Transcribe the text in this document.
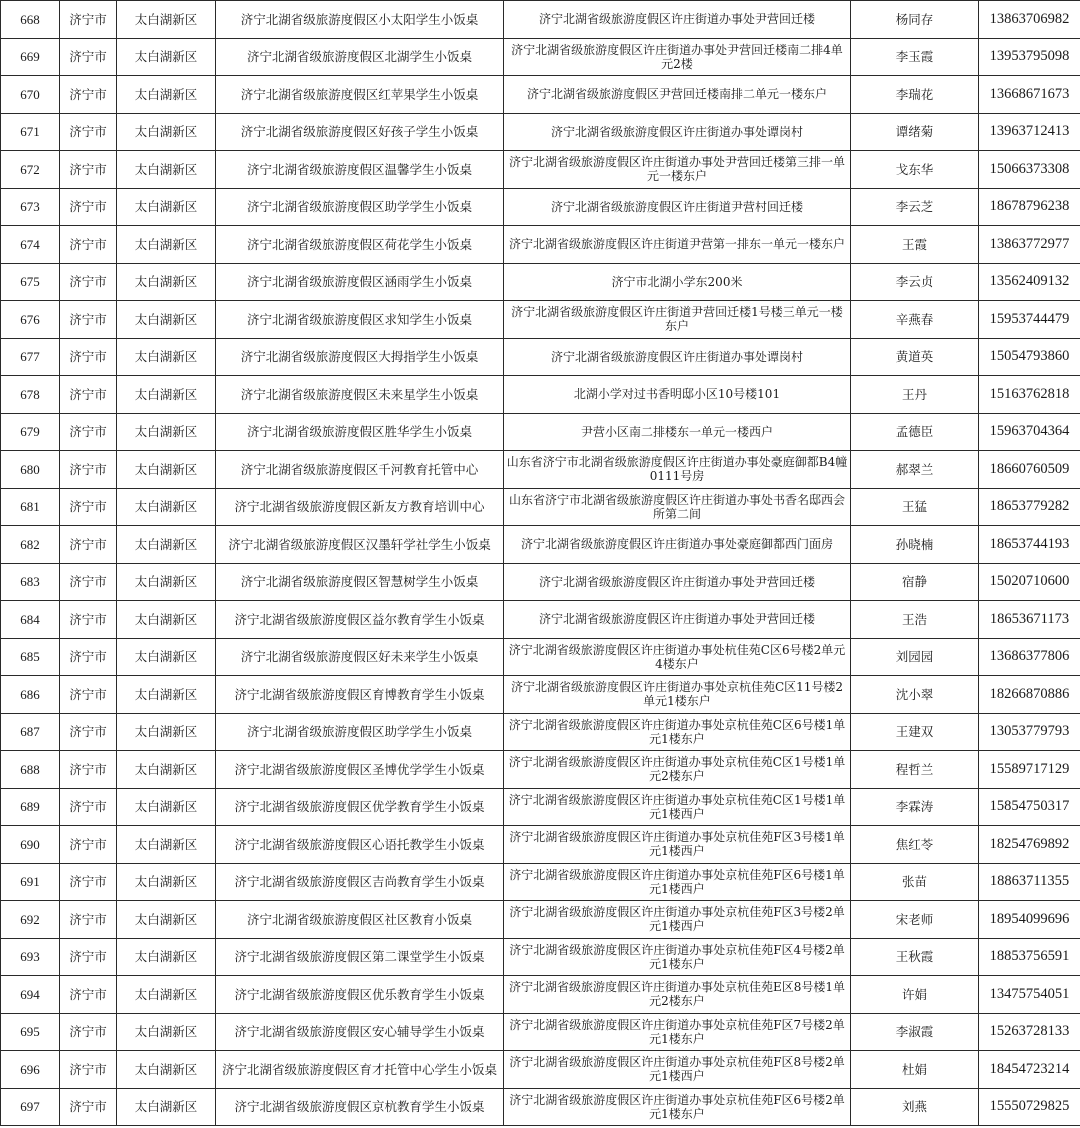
668	济宁市	太白湖新区	济宁北湖省级旅游度假区小太阳学生小饭桌	济宁北湖省级旅游度假区许庄街道办事处尹营回迁楼	杨同存	13863706982
669	济宁市	太白湖新区	济宁北湖省级旅游度假区北湖学生小饭桌	济宁北湖省级旅游度假区许庄街道办事处尹营回迁楼南二排4单元2楼	李玉霞	13953795098
670	济宁市	太白湖新区	济宁北湖省级旅游度假区红苹果学生小饭桌	济宁北湖省级旅游度假区尹营回迁楼南排二单元一楼东户	李瑞花	13668671673
671	济宁市	太白湖新区	济宁北湖省级旅游度假区好孩子学生小饭桌	济宁北湖省级旅游度假区许庄街道办事处谭岗村	谭绪菊	13963712413
672	济宁市	太白湖新区	济宁北湖省级旅游度假区温馨学生小饭桌	济宁北湖省级旅游度假区许庄街道办事处尹营回迁楼第三排一单元一楼东户	戈东华	15066373308
673	济宁市	太白湖新区	济宁北湖省级旅游度假区助学学生小饭桌	济宁北湖省级旅游度假区许庄街道尹营村回迁楼	李云芝	18678796238
674	济宁市	太白湖新区	济宁北湖省级旅游度假区荷花学生小饭桌	济宁北湖省级旅游度假区许庄街道尹营第一排东一单元一楼东户	王霞	13863772977
675	济宁市	太白湖新区	济宁北湖省级旅游度假区涵雨学生小饭桌	济宁市北湖小学东200米	李云贞	13562409132
676	济宁市	太白湖新区	济宁北湖省级旅游度假区求知学生小饭桌	济宁北湖省级旅游度假区许庄街道尹营回迁楼1号楼三单元一楼东户	辛燕春	15953744479
677	济宁市	太白湖新区	济宁北湖省级旅游度假区大拇指学生小饭桌	济宁北湖省级旅游度假区许庄街道办事处谭岗村	黄道英	15054793860
678	济宁市	太白湖新区	济宁北湖省级旅游度假区未来星学生小饭桌	北湖小学对过书香明邸小区10号楼101	王丹	15163762818
679	济宁市	太白湖新区	济宁北湖省级旅游度假区胜华学生小饭桌	尹营小区南二排楼东一单元一楼西户	孟德臣	15963704364
680	济宁市	太白湖新区	济宁北湖省级旅游度假区千河教育托管中心	山东省济宁市北湖省级旅游度假区许庄街道办事处豪庭御都B4幢0111号房	郝翠兰	18660760509
681	济宁市	太白湖新区	济宁北湖省级旅游度假区新友方教育培训中心	山东省济宁市北湖省级旅游度假区许庄街道办事处书香名邸西会所第二间	王猛	18653779282
682	济宁市	太白湖新区	济宁北湖省级旅游度假区汉墨轩学社学生小饭桌	济宁北湖省级旅游度假区许庄街道办事处豪庭御都西门面房	孙晓楠	18653744193
683	济宁市	太白湖新区	济宁北湖省级旅游度假区智慧树学生小饭桌	济宁北湖省级旅游度假区许庄街道办事处尹营回迁楼	宿静	15020710600
684	济宁市	太白湖新区	济宁北湖省级旅游度假区益尔教育学生小饭桌	济宁北湖省级旅游度假区许庄街道办事处尹营回迁楼	王浩	18653671173
685	济宁市	太白湖新区	济宁北湖省级旅游度假区好未来学生小饭桌	济宁北湖省级旅游度假区许庄街道办事处杭佳苑C区6号楼2单元4楼东户	刘园园	13686377806
686	济宁市	太白湖新区	济宁北湖省级旅游度假区育博教育学生小饭桌	济宁北湖省级旅游度假区许庄街道办事处京杭佳苑C区11号楼2单元1楼东户	沈小翠	18266870886
687	济宁市	太白湖新区	济宁北湖省级旅游度假区助学学生小饭桌	济宁北湖省级旅游度假区许庄街道办事处京杭佳苑C区6号楼1单元1楼东户	王建双	13053779793
688	济宁市	太白湖新区	济宁北湖省级旅游度假区圣博优学学生小饭桌	济宁北湖省级旅游度假区许庄街道办事处京杭佳苑C区1号楼1单元2楼东户	程哲兰	15589717129
689	济宁市	太白湖新区	济宁北湖省级旅游度假区优学教育学生小饭桌	济宁北湖省级旅游度假区许庄街道办事处京杭佳苑C区1号楼1单元1楼西户	李霖涛	15854750317
690	济宁市	太白湖新区	济宁北湖省级旅游度假区心语托教学生小饭桌	济宁北湖省级旅游度假区许庄街道办事处京杭佳苑F区3号楼1单元1楼西户	焦红苓	18254769892
691	济宁市	太白湖新区	济宁北湖省级旅游度假区吉尚教育学生小饭桌	济宁北湖省级旅游度假区许庄街道办事处京杭佳苑F区6号楼1单元1楼西户	张苗	18863711355
692	济宁市	太白湖新区	济宁北湖省级旅游度假区社区教育小饭桌	济宁北湖省级旅游度假区许庄街道办事处京杭佳苑F区3号楼2单元1楼西户	宋老师	18954099696
693	济宁市	太白湖新区	济宁北湖省级旅游度假区第二课堂学生小饭桌	济宁北湖省级旅游度假区许庄街道办事处京杭佳苑F区4号楼2单元1楼东户	王秋霞	18853756591
694	济宁市	太白湖新区	济宁北湖省级旅游度假区优乐教育学生小饭桌	济宁北湖省级旅游度假区许庄街道办事处京杭佳苑E区8号楼1单元2楼东户	许娟	13475754051
695	济宁市	太白湖新区	济宁北湖省级旅游度假区安心辅导学生小饭桌	济宁北湖省级旅游度假区许庄街道办事处京杭佳苑F区7号楼2单元1楼东户	李淑霞	15263728133
696	济宁市	太白湖新区	济宁北湖省级旅游度假区育才托管中心学生小饭桌	济宁北湖省级旅游度假区许庄街道办事处京杭佳苑F区8号楼2单元1楼西户	杜娟	18454723214
697	济宁市	太白湖新区	济宁北湖省级旅游度假区京杭教育学生小饭桌	济宁北湖省级旅游度假区许庄街道办事处京杭佳苑F区6号楼2单元1楼东户	刘燕	15550729825
